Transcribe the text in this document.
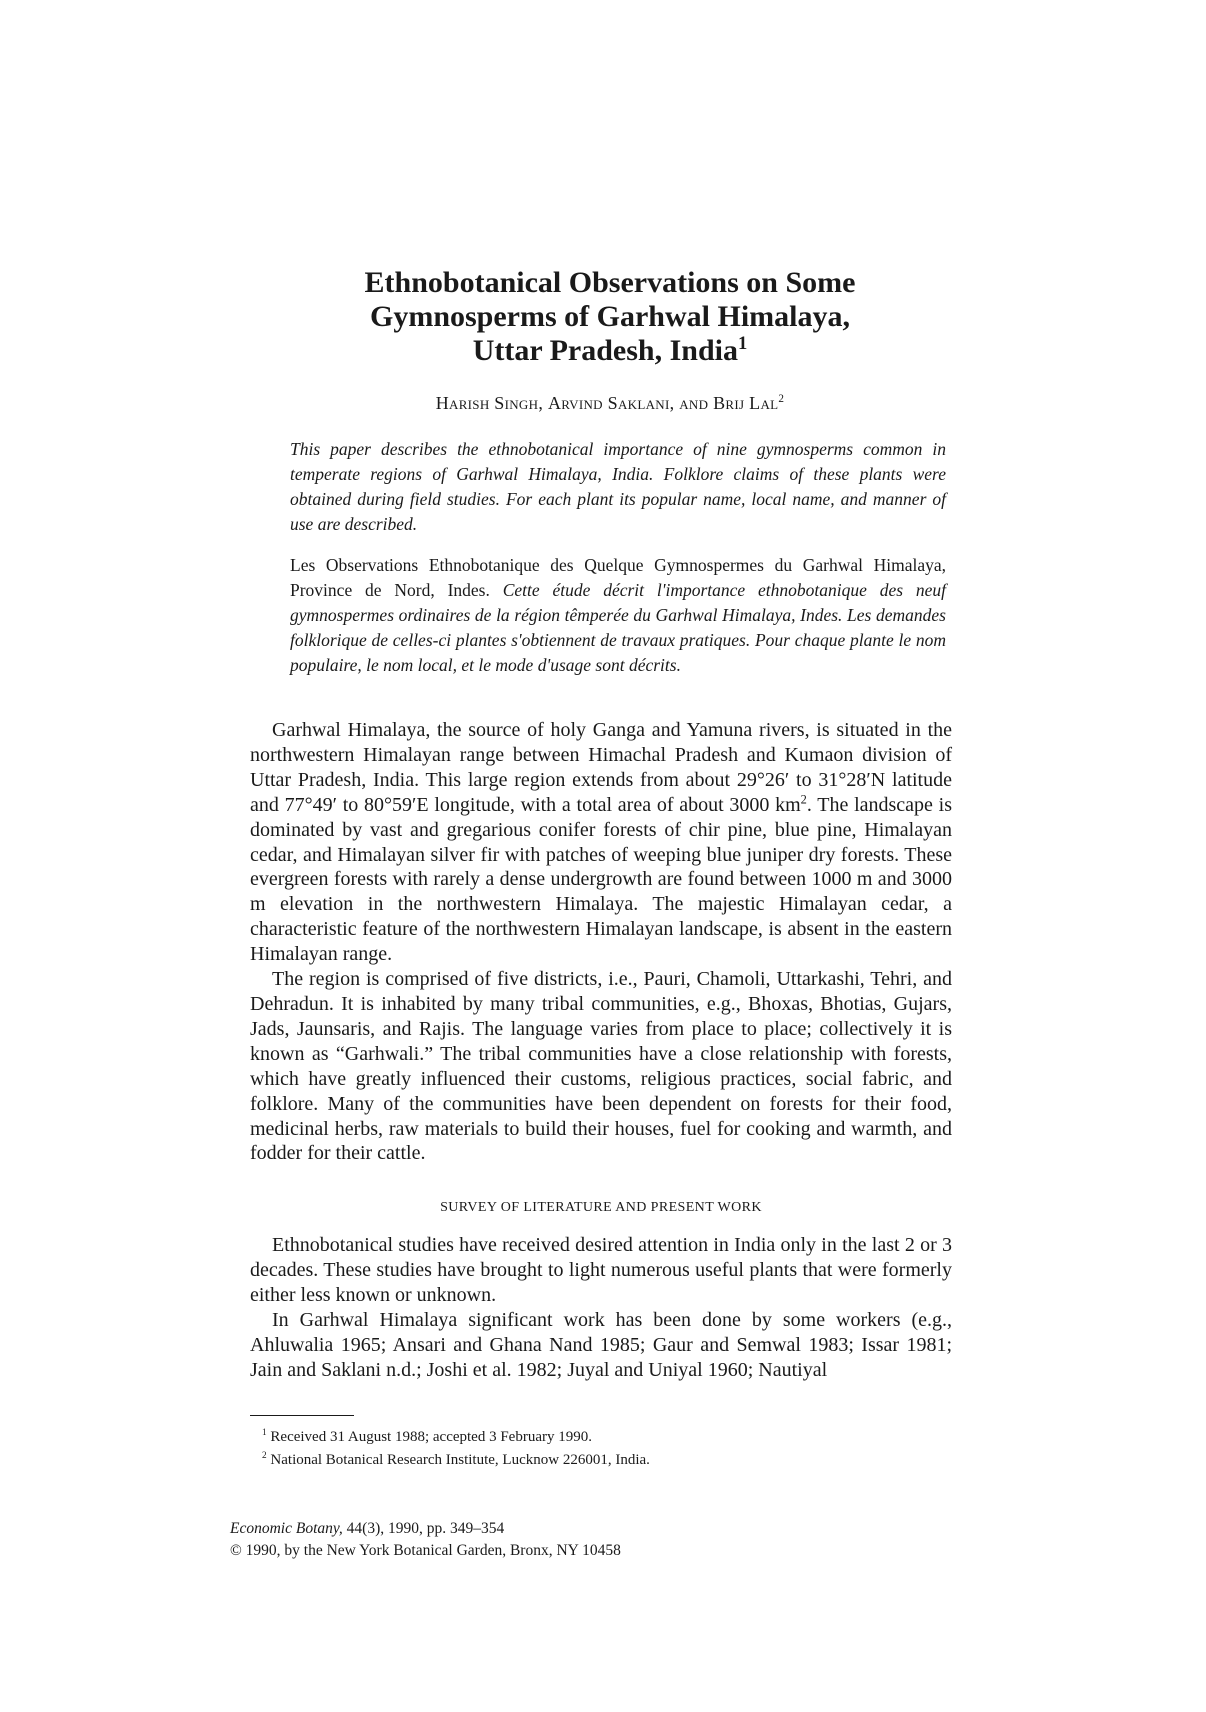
Ethnobotanical Observations on Some
Gymnosperms of Garhwal Himalaya,
Uttar Pradesh, India$^1$
Harish Singh, Arvind Saklani, and Brij Lal$^2$

This paper describes the ethnobotanical importance of nine gymnosperms common in temperate regions of Garhwal Himalaya, India. Folklore claims of these plants were obtained during field studies. For each plant its popular name, local name, and manner of use are described.

Les Observations Ethnobotanique des Quelque Gymnospermes du Garhwal Himalaya, Province de Nord, Indes. Cette étude décrit l'importance ethnobotanique des neuf gymnospermes ordinaires de la région têmperée du Garhwal Himalaya, Indes. Les demandes folklorique de celles-ci plantes s'obtiennent de travaux pratiques. Pour chaque plante le nom populaire, le nom local, et le mode d'usage sont décrits.

Garhwal Himalaya, the source of holy Ganga and Yamuna rivers, is situated in the northwestern Himalayan range between Himachal Pradesh and Kumaon division of Uttar Pradesh, India. This large region extends from about 29°26′ to 31°28′N latitude and 77°49′ to 80°59′E longitude, with a total area of about 3000 $km^2$. The landscape is dominated by vast and gregarious conifer forests of chir pine, blue pine, Himalayan cedar, and Himalayan silver fir with patches of weeping blue juniper dry forests. These evergreen forests with rarely a dense undergrowth are found between 1000 m and 3000 m elevation in the northwestern Himalaya. The majestic Himalayan cedar, a characteristic feature of the northwestern Himalayan landscape, is absent in the eastern Himalayan range.
The region is comprised of five districts, i.e., Pauri, Chamoli, Uttarkashi, Tehri, and Dehradun. It is inhabited by many tribal communities, e.g., Bhoxas, Bhotias, Gujars, Jads, Jaunsaris, and Rajis. The language varies from place to place; collectively it is known as “Garhwali.” The tribal communities have a close relationship with forests, which have greatly influenced their customs, religious practices, social fabric, and folklore. Many of the communities have been dependent on forests for their food, medicinal herbs, raw materials to build their houses, fuel for cooking and warmth, and fodder for their cattle.
SURVEY OF LITERATURE AND PRESENT WORK
Ethnobotanical studies have received desired attention in India only in the last 2 or 3 decades. These studies have brought to light numerous useful plants that were formerly either less known or unknown.
In Garhwal Himalaya significant work has been done by some workers (e.g., Ahluwalia 1965; Ansari and Ghana Nand 1985; Gaur and Semwal 1983; Issar 1981; Jain and Saklani n.d.; Joshi et al. 1982; Juyal and Uniyal 1960; Nautiyal
$^1$ Received 31 August 1988; accepted 3 February 1990.
$^2$ National Botanical Research Institute, Lucknow 226001, India.
Economic Botany, 44(3), 1990, pp. 349–354
© 1990, by the New York Botanical Garden, Bronx, NY 10458
